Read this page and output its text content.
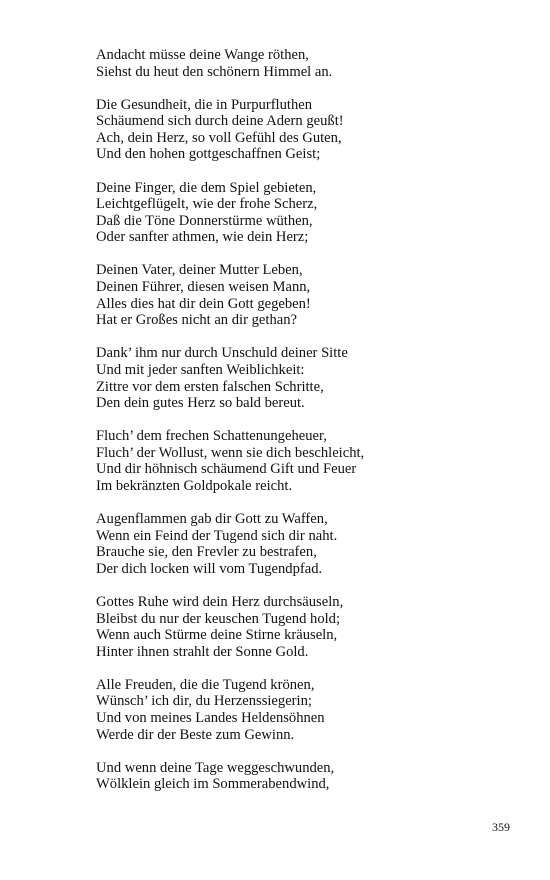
Andacht müsse deine Wange röthen,
Siehst du heut den schönern Himmel an.
Die Gesundheit, die in Purpurfluthen
Schäumend sich durch deine Adern geußt!
Ach, dein Herz, so voll Gefühl des Guten,
Und den hohen gottgeschaffnen Geist;
Deine Finger, die dem Spiel gebieten,
Leichtgeflügelt, wie der frohe Scherz,
Daß die Töne Donnerstürme wüthen,
Oder sanfter athmen, wie dein Herz;
Deinen Vater, deiner Mutter Leben,
Deinen Führer, diesen weisen Mann,
Alles dies hat dir dein Gott gegeben!
Hat er Großes nicht an dir gethan?
Dank’ ihm nur durch Unschuld deiner Sitte
Und mit jeder sanften Weiblichkeit:
Zittre vor dem ersten falschen Schritte,
Den dein gutes Herz so bald bereut.
Fluch’ dem frechen Schattenungeheuer,
Fluch’ der Wollust, wenn sie dich beschleicht,
Und dir höhnisch schäumend Gift und Feuer
Im bekränzten Goldpokale reicht.
Augenflammen gab dir Gott zu Waffen,
Wenn ein Feind der Tugend sich dir naht.
Brauche sie, den Frevler zu bestrafen,
Der dich locken will vom Tugendpfad.
Gottes Ruhe wird dein Herz durchsäuseln,
Bleibst du nur der keuschen Tugend hold;
Wenn auch Stürme deine Stirne kräuseln,
Hinter ihnen strahlt der Sonne Gold.
Alle Freuden, die die Tugend krönen,
Wünsch’ ich dir, du Herzenssiegerin;
Und von meines Landes Heldensöhnen
Werde dir der Beste zum Gewinn.
Und wenn deine Tage weggeschwunden,
Wölklein gleich im Sommerabendwind,
359
